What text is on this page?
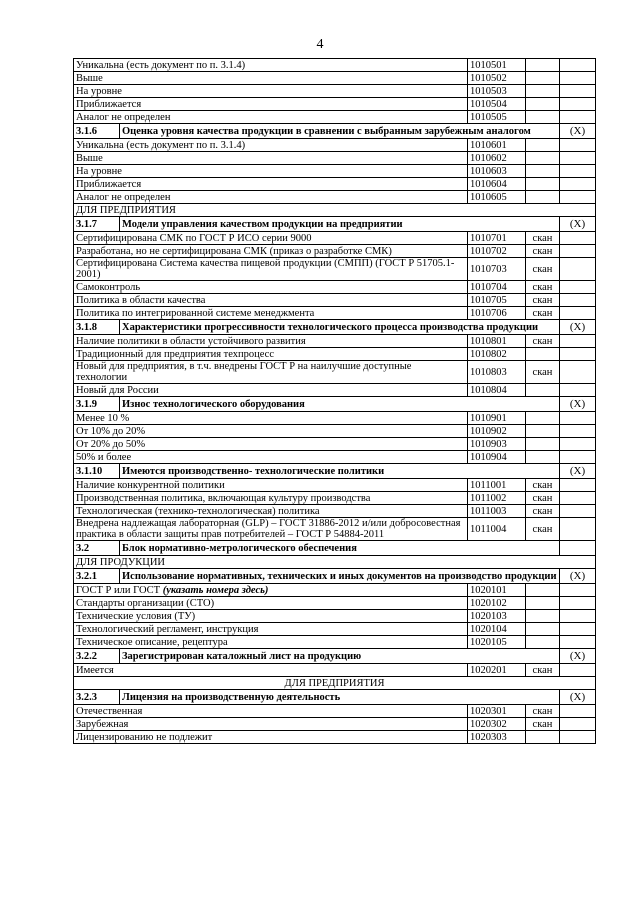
4
Уникальна (есть документ по п. 3.1.4)		1010501		
Выше		1010502		
На уровне		1010503		
Приближается		1010504		
Аналог не определен		1010505		
3.1.6	Оценка уровня качества продукции в сравнении с выбранным зарубежным аналогом			(X)
Уникальна (есть документ по п. 3.1.4)		1010601		
Выше		1010602		
На уровне		1010603		
Приближается		1010604		
Аналог не определен		1010605		
ДЛЯ ПРЕДПРИЯТИЯ				
3.1.7	Модели управления качеством продукции на предприятии			(X)
Сертифицирована СМК по ГОСТ Р ИСО серии 9000		1010701	скан	
Разработана, но не сертифицирована СМК (приказ о разработке СМК)		1010702	скан	
Сертифицирована Система качества пищевой продукции (СМПП) (ГОСТ Р 51705.1-2001)		1010703	скан	
Самоконтроль		1010704	скан	
Политика в области качества		1010705	скан	
Политика по интегрированной системе менеджмента		1010706	скан	
3.1.8	Характеристики прогрессивности технологического процесса производства продукции			(X)
Наличие политики в области устойчивого развития		1010801	скан	
Традиционный для предприятия техпроцесс		1010802		
Новый для предприятия, в т.ч. внедрены ГОСТ Р на наилучшие доступные технологии		1010803	скан	
Новый для России		1010804		
3.1.9	Износ технологического оборудования			(X)
Менее 10 %		1010901		
От 10% до 20%		1010902		
От 20% до 50%		1010903		
50% и более		1010904		
3.1.10	Имеются производственно- технологические политики			(X)
Наличие конкурентной политики		1011001	скан	
Производственная политика, включающая культуру производства		1011002	скан	
Технологическая (технико-технологическая) политика		1011003	скан	
Внедрена надлежащая лабораторная (GLP) – ГОСТ 31886-2012 и/или добросовестная практика в области защиты прав потребителей – ГОСТ Р 54884-2011		1011004	скан	
3.2	Блок нормативно-метрологического обеспечения			
ДЛЯ ПРОДУКЦИИ				
3.2.1	Использование нормативных, технических и иных документов на производство продукции			(X)
ГОСТ Р или ГОСТ (указать номера здесь)		1020101		
Стандарты организации (СТО)		1020102		
Технические условия (ТУ)		1020103		
Технологический регламент, инструкция		1020104		
Техническое описание, рецептура		1020105		
3.2.2	Зарегистрирован каталожный лист на продукцию			(X)
Имеется		1020201	скан	
ДЛЯ ПРЕДПРИЯТИЯ				
3.2.3	Лицензия на производственную деятельность			(X)
Отечественная		1020301	скан	
Зарубежная		1020302	скан	
Лицензированию не подлежит		1020303		
